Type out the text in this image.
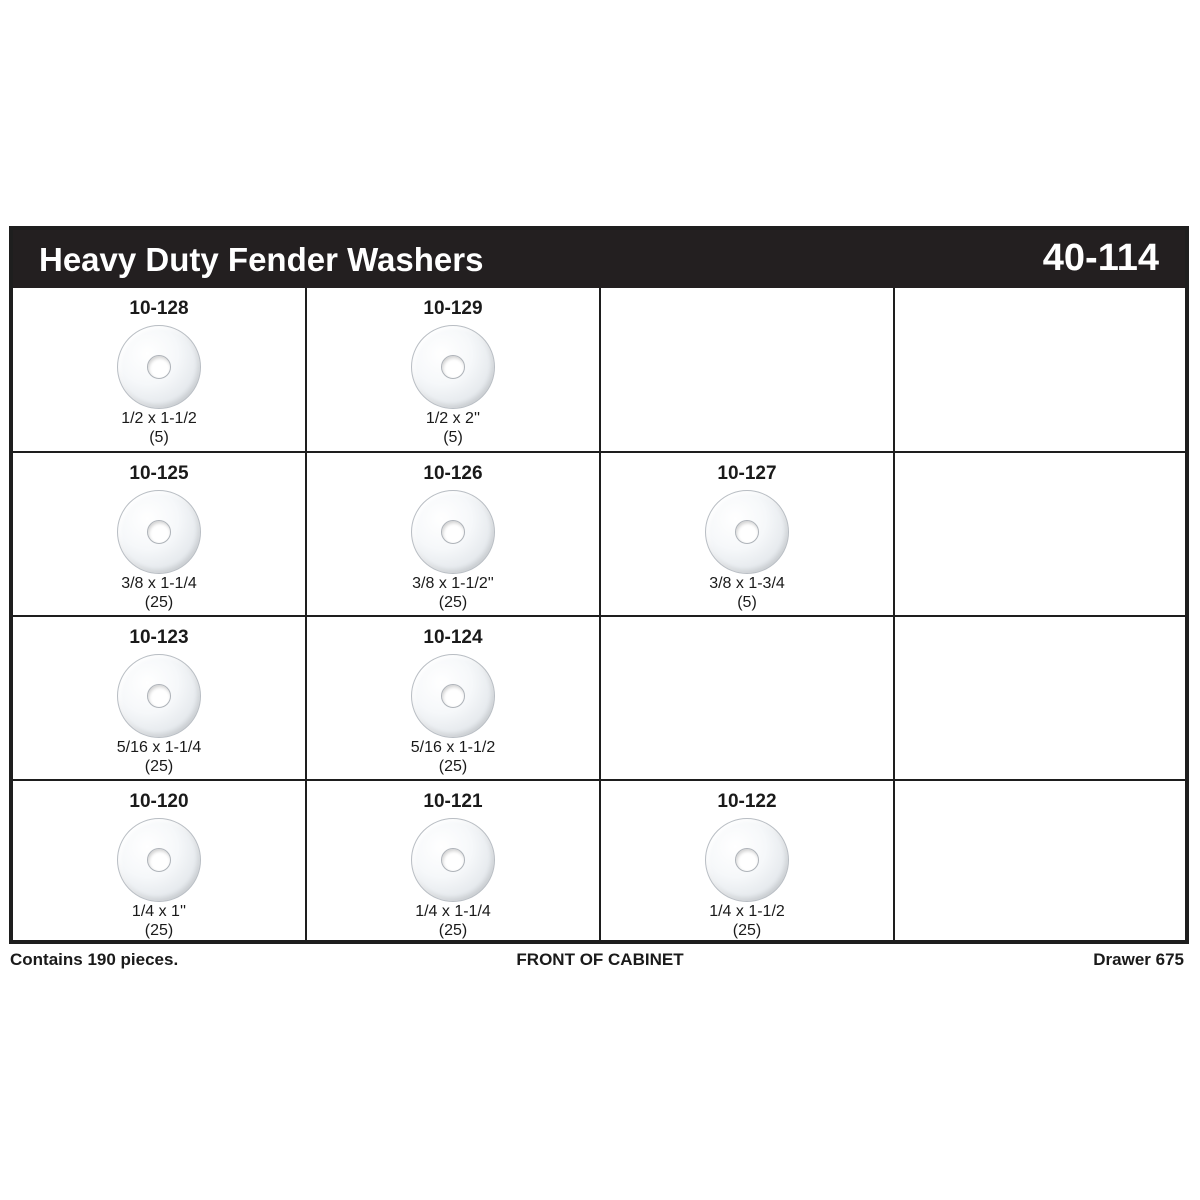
Heavy Duty Fender Washers	40-114
10-128
1/2 x 1-1/2
(5)
10-129
1/2 x 2''
(5)
10-125
3/8 x 1-1/4
(25)
10-126
3/8 x 1-1/2''
(25)
10-127
3/8 x 1-3/4
(5)
10-123
5/16 x 1-1/4
(25)
10-124
5/16 x 1-1/2
(25)
10-120
1/4 x 1''
(25)
10-121
1/4 x 1-1/4
(25)
10-122
1/4 x 1-1/2
(25)
Contains 190 pieces.	FRONT OF CABINET	Drawer 675
